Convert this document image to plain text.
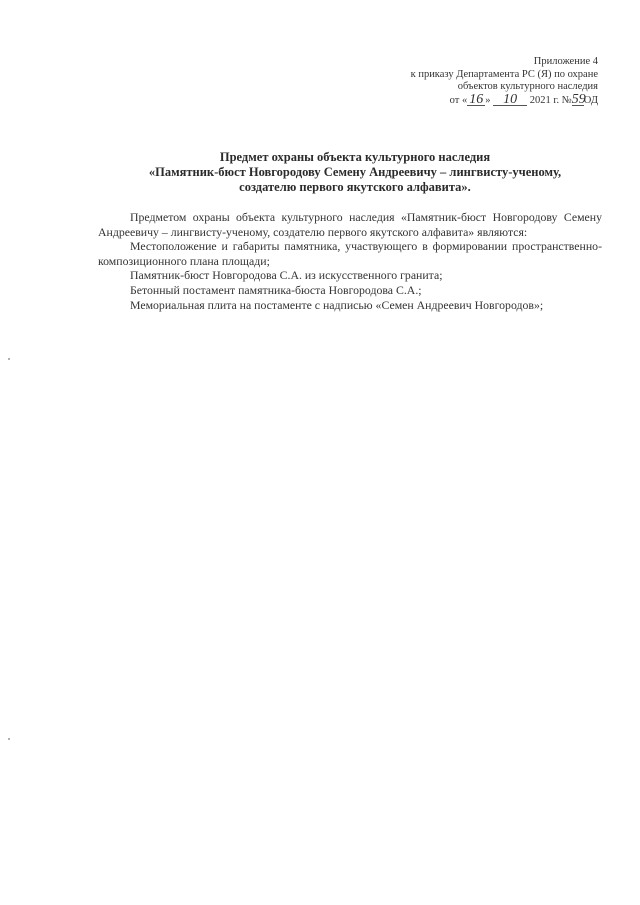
Приложение 4
к приказу Департамента РС (Я) по охране
объектов культурного наследия
от « 16 » 10 2021 г. №59ОД
Предмет охраны объекта культурного наследия
«Памятник-бюст Новгородову Семену Андреевичу – лингвисту-ученому,
создателю первого якутского алфавита».

Предметом охраны объекта культурного наследия «Памятник-бюст Новгородову Семену Андреевичу – лингвисту-ученому, создателю первого якутского алфавита» являются:

Местоположение и габариты памятника, участвующего в формировании пространственно-композиционного плана площади;

Памятник-бюст Новгородова С.А. из искусственного гранита;

Бетонный постамент памятника-бюста Новгородова С.А.;

Мемориальная плита на постаменте с надписью «Семен Андреевич Новгородов»;
